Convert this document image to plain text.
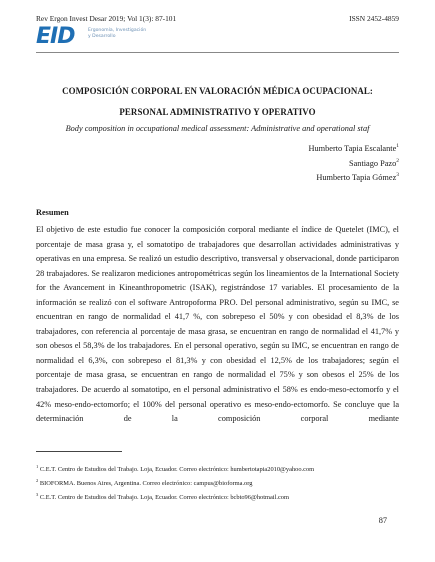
Rev Ergon Invest Desar 2019; Vol 1(3): 87-101	ISSN 2452-4859
EID	Ergonomía, Investigación y Desarrollo
COMPOSICIÓN CORPORAL EN VALORACIÓN MÉDICA OCUPACIONAL:
PERSONAL ADMINISTRATIVO Y OPERATIVO
Body composition in occupational medical assessment: Administrative and operational staf
Humberto Tapia Escalante$^1$
Santiago Pazo$^2$
Humberto Tapia Gómez$^3$
Resumen

El objetivo de este estudio fue conocer la composición corporal mediante el índice de Quetelet (IMC), el porcentaje de masa grasa y, el somatotipo de trabajadores que desarrollan actividades administrativas y operativas en una empresa. Se realizó un estudio descriptivo, transversal y observacional, donde participaron 28 trabajadores. Se realizaron mediciones antropométricas según los lineamientos de la International Society for the Avancement in Kineanthropometric (ISAK), registrándose 17 variables. El procesamiento de la información se realizó con el software Antropoforma PRO. Del personal administrativo, según su IMC, se encuentran en rango de normalidad el 41,7 %, con sobrepeso el 50% y con obesidad el 8,3% de los trabajadores, con referencia al porcentaje de masa grasa, se encuentran en rango de normalidad el 41,7% y son obesos el 58,3% de los trabajadores. En el personal operativo, según su IMC, se encuentran en rango de normalidad el 6,3%, con sobrepeso el 81,3% y con obesidad el 12,5% de los trabajadores; según el porcentaje de masa grasa, se encuentran en rango de normalidad el 75% y son obesos el 25% de los trabajadores. De acuerdo al somatotipo, en el personal administrativo el 58% es endo-meso-ectomorfo y el 42% meso-endo-ectomorfo; el 100% del personal operativo es meso-endo-ectomorfo. Se concluye que la determinación de la composición corporal mediante

$^1$ C.E.T. Centro de Estudios del Trabajo. Loja, Ecuador. Correo electrónico: humbertotapia2010@yahoo.com
$^2$ BIOFORMA. Buenos Aires, Argentina. Correo electrónico: campus@bioforma.org
$^3$ C.E.T. Centro de Estudios del Trabajo. Loja, Ecuador. Correo electrónico: bcbto96@hotmail.com
87
